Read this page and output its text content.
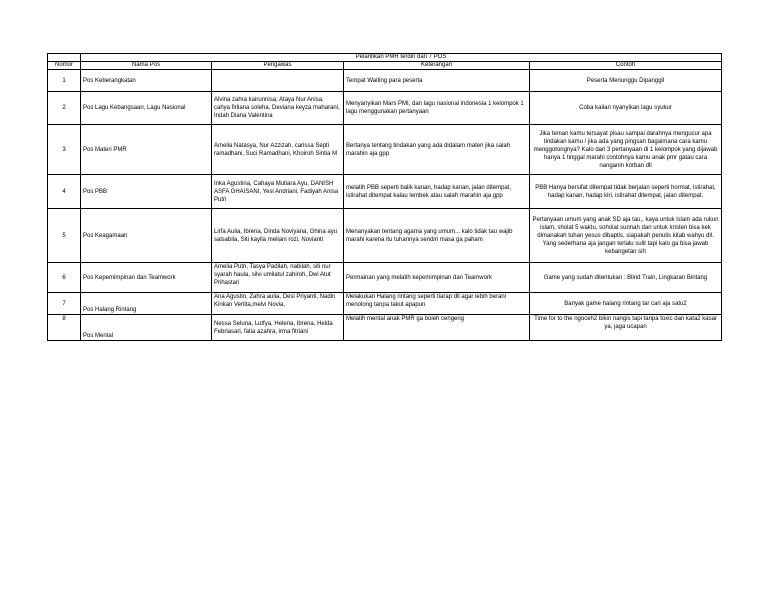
	Pelantikan PMR terdiri dari 7 POS			
Nomor	Nama Pos	Pengawas	Keterangan	Contoh
1	Pos Keberangkatan		Tempat Waiting para peserta	Peserta Menunggu Dipanggil
2	Pos Lagu Kebangsaan, Lagu Nasional	Alvina zahra kairunnisa, Ataya Nur Anisa, cahya firliana soleha, Deviana keyza maharani, Indah Diana Valentina	Menyanyikan Mars PMI, dan lagu nasional indonesia 1 kelompok 1 lagu menggunakan pertanyaan	Coba kalian nyanyikan lagu syukur
3	Pos Materi PMR	Amelia Natasya, Nur Azzizah, carissa Septi ramadhani, Suci Ramadhani, Khoiroh Sintia M	Bertanya tentang tindakan yang ada didalam materi jika salah marahin aja gpp	Jika teman kamu tersayat pisau sampai darahnya mengucur apa tindakan kamu / jika ada yang pingsan bagaimana cara kamu menggotongnya? Kalo dari 3 pertanyaan di 1 kelompok yang dijawab hanya 1 tinggal marahi contohnya kamu anak pmr gatau cara nanganin korban dll
4	Pos PBB	Inka Agustina, Cahaya Mutiara Ayu, DANISH ASFA GHAISANI, Yesi Andriani, Fadiyah Anisa Putri	melatih PBB seperti balik kanan, hadap kanan, jalan ditempat, istirahat ditempat kalau lembek atau salah marahin aja gpp	PBB Hanya bersifat ditempat tidak berjalan seperti hormat, istirahat, hadap kanan, hadap kiri, istirahat ditempat, jalan ditempat.
5	Pos Keagamaan	Lirfa Aulia, Ibrena, Dinda Noviyana, Ghina ayu salsabila, Siti kaylla meilani rozi, Novianti	Menanyakan tentang agama yang umum... kalo tidak tau wajib marahi karena itu tuhannya sendiri masa ga paham	Pertanyaan umum yang anak SD aja tau,, kaya untuk islam ada rukun islam, sholat 5 waktu, soholat sunnah dan untuk kristen bisa kek dimanakah tuhan yesus dibaptis, siapakah penulis kitab wahyu dll. Yang sederhana aja jangan terlalu sulit tapi kalo ga bisa jawab kebangetan sih
6	Pos Kepemimpinan dan Teamwork	Amelia Putri, Tasya Padilah, nabilah, siti nur syarah haula, silvi umilatul zahiroh, Dwi Atut Prihastari	Permainan yang melatih kepemimpinan dan Teamwork	Game yang sudah ditentukan : Blind Train, Lingkaran Bintang
7	Pos Halang Rintang	Ana Agustin, Zahra aulia, Desi Priyanti, Nadin Kinkan Verlita,melvi Novia,	Melakukan Halang rintang seperti tiarap dll agar lebih berani menolong tanpa takut apapun	Banyak game halang rintang tar cari aja satu2
8	Pos Mental	Nessa Seluna, Lutfya, Helena, Ibrena, Helda Febriasari, fatia azahra, irma fitriani	Melatih mental anak PMR ga boleh cengeng	Time for to the ngoceh2 bikin nangis tapi tanpa toxic dan kata2 kasar ya, jaga ucapan
